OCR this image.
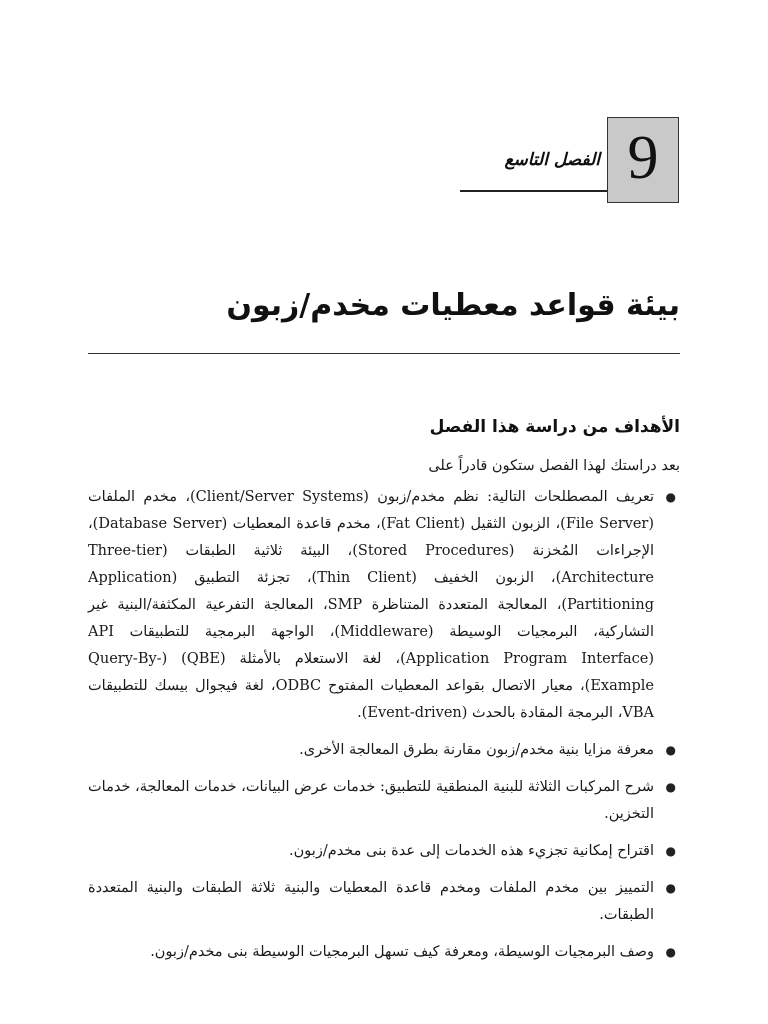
9
الفصل التاسع
بيئة قواعد معطيات مخدم/زبون
الأهداف من دراسة هذا الفصل
بعد دراستك لهذا الفصل ستكون قادراً على
●
تعريف المصطلحات التالية: نظم مخدم/زبون (Client/Server Systems)، مخدم الملفات (File Server)، الزبون الثقيل (Fat Client)، مخدم قاعدة المعطيات (Database Server)، الإجراءات المُخزنة (Stored Procedures)، البيئة ثلاثية الطبقات (Three-tier Architecture)، الزبون الخفيف (Thin Client)، تجزئة التطبيق (Application Partitioning)، المعالجة المتعددة المتناظرة SMP، المعالجة التفرعية المكثفة/البنية غير التشاركية، البرمجيات الوسيطة (Middleware)، الواجهة البرمجية للتطبيقات API (Application Program Interface)، لغة الاستعلام بالأمثلة (QBE) (Query-By-Example)، معيار الاتصال بقواعد المعطيات المفتوح ODBC، لغة فيجوال بيسك للتطبيقات VBA، البرمجة المقادة بالحدث (Event-driven).
●
معرفة مزايا بنية مخدم/زبون مقارنة بطرق المعالجة الأخرى.
●
شرح المركبات الثلاثة للبنية المنطقية للتطبيق: خدمات عرض البيانات، خدمات المعالجة، خدمات التخزين.
●
اقتراح إمكانية تجزيء هذه الخدمات إلى عدة بنى مخدم/زبون.
●
التمييز بين مخدم الملفات ومخدم قاعدة المعطيات والبنية ثلاثة الطبقات والبنية المتعددة الطبقات.
●
وصف البرمجيات الوسيطة، ومعرفة كيف تسهل البرمجيات الوسيطة بنى مخدم/زبون.
